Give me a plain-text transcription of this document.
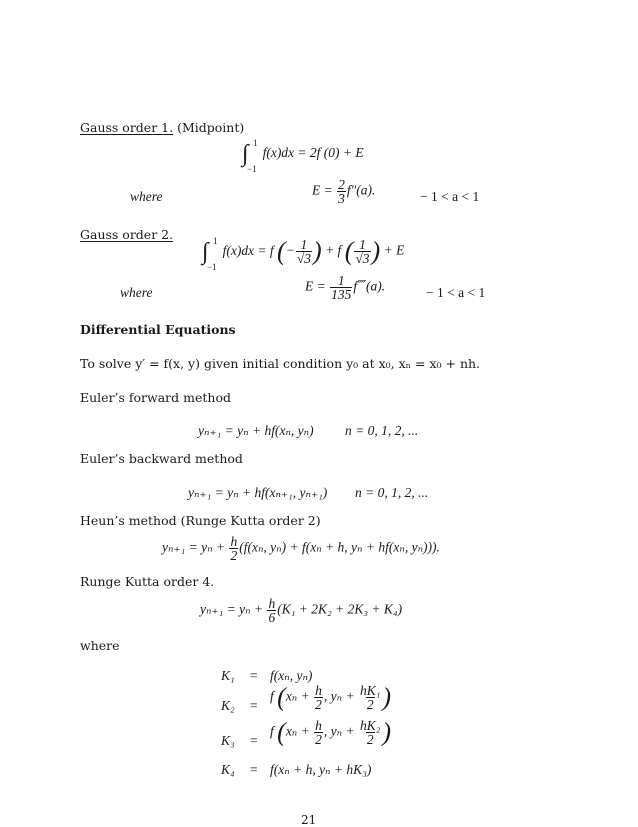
Gauss order 1. (Midpoint)
∫
1
−1
f(x)dx = 2f (0) + E
where	$E = \frac{2}{3} f''(a)$.	− 1 < a < 1
Gauss order 2.
∫
1
−1
f(x)dx = f (− $\frac{1}{√3}$ ) + f ( $\frac{1}{√3}$ ) + E
where	$E = \frac{1}{135}$ f⁗(a).	− 1 < a < 1
Differential Equations
To solve y′ = f(x, y) given initial condition y₀ at x₀, xₙ = x₀ + nh.
Euler’s forward method
yₙ₊₁ = yₙ + hf(xₙ, yₙ) n = 0, 1, 2, ...
Euler’s backward method
yₙ₊₁ = yₙ + hf(xₙ₊₁, yₙ₊₁) n = 0, 1, 2, ...
Heun’s method (Runge Kutta order 2)
$y_{n+1} = y_n + \frac{h}{2} (f(x_n$, yₙ) + f(xₙ + h, yₙ + hf(xₙ, yₙ))).
Runge Kutta order 4.
$y_{n+1} = y_n + \frac{h}{6} (K_1 + 2K_2 + 2K_3 + K_4)$
where
K₁ = f(xₙ, yₙ)
K₂ =
f ($x_n + \frac{h}{2}$ , $y_n + \frac{\text{hK₁}}{2}$ )
K₃ =
f ($x_n + \frac{h}{2}$ , $y_n + \frac{\text{hK₂}}{2}$ )
K₄ = f(xₙ + h, yₙ + hK₃)
21
